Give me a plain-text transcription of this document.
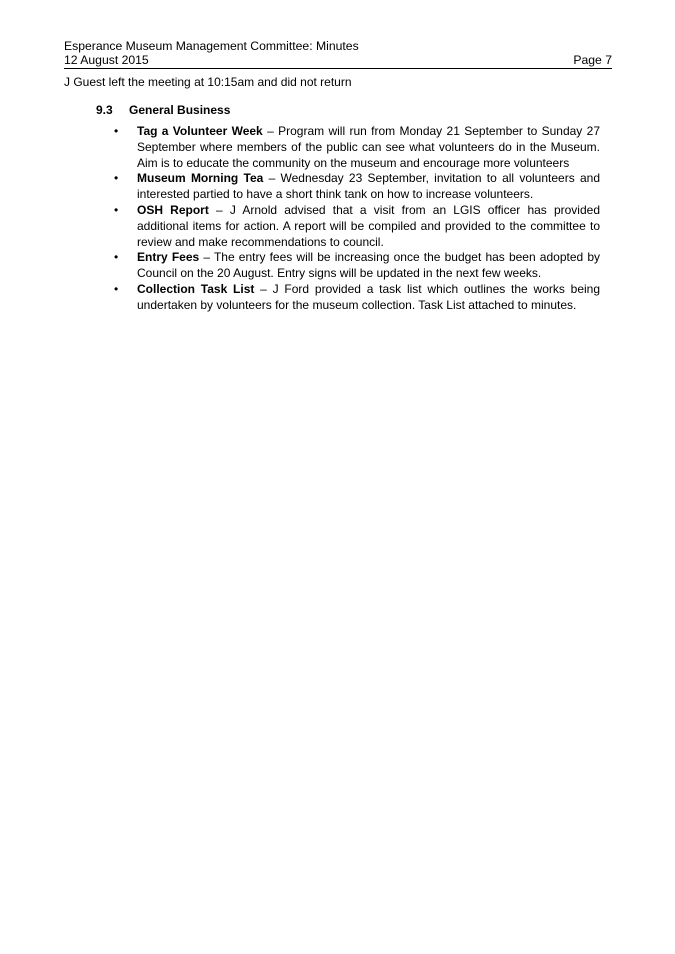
Esperance Museum Management Committee: Minutes
12 August 2015	Page 7
J Guest left the meeting at 10:15am and did not return
9.3 General Business
• Tag a Volunteer Week – Program will run from Monday 21 September to Sunday 27 September where members of the public can see what volunteers do in the Museum. Aim is to educate the community on the museum and encourage more volunteers
• Museum Morning Tea – Wednesday 23 September, invitation to all volunteers and interested partied to have a short think tank on how to increase volunteers.
• OSH Report – J Arnold advised that a visit from an LGIS officer has provided additional items for action. A report will be compiled and provided to the committee to review and make recommendations to council.
• Entry Fees – The entry fees will be increasing once the budget has been adopted by Council on the 20 August. Entry signs will be updated in the next few weeks.
• Collection Task List – J Ford provided a task list which outlines the works being undertaken by volunteers for the museum collection. Task List attached to minutes.
